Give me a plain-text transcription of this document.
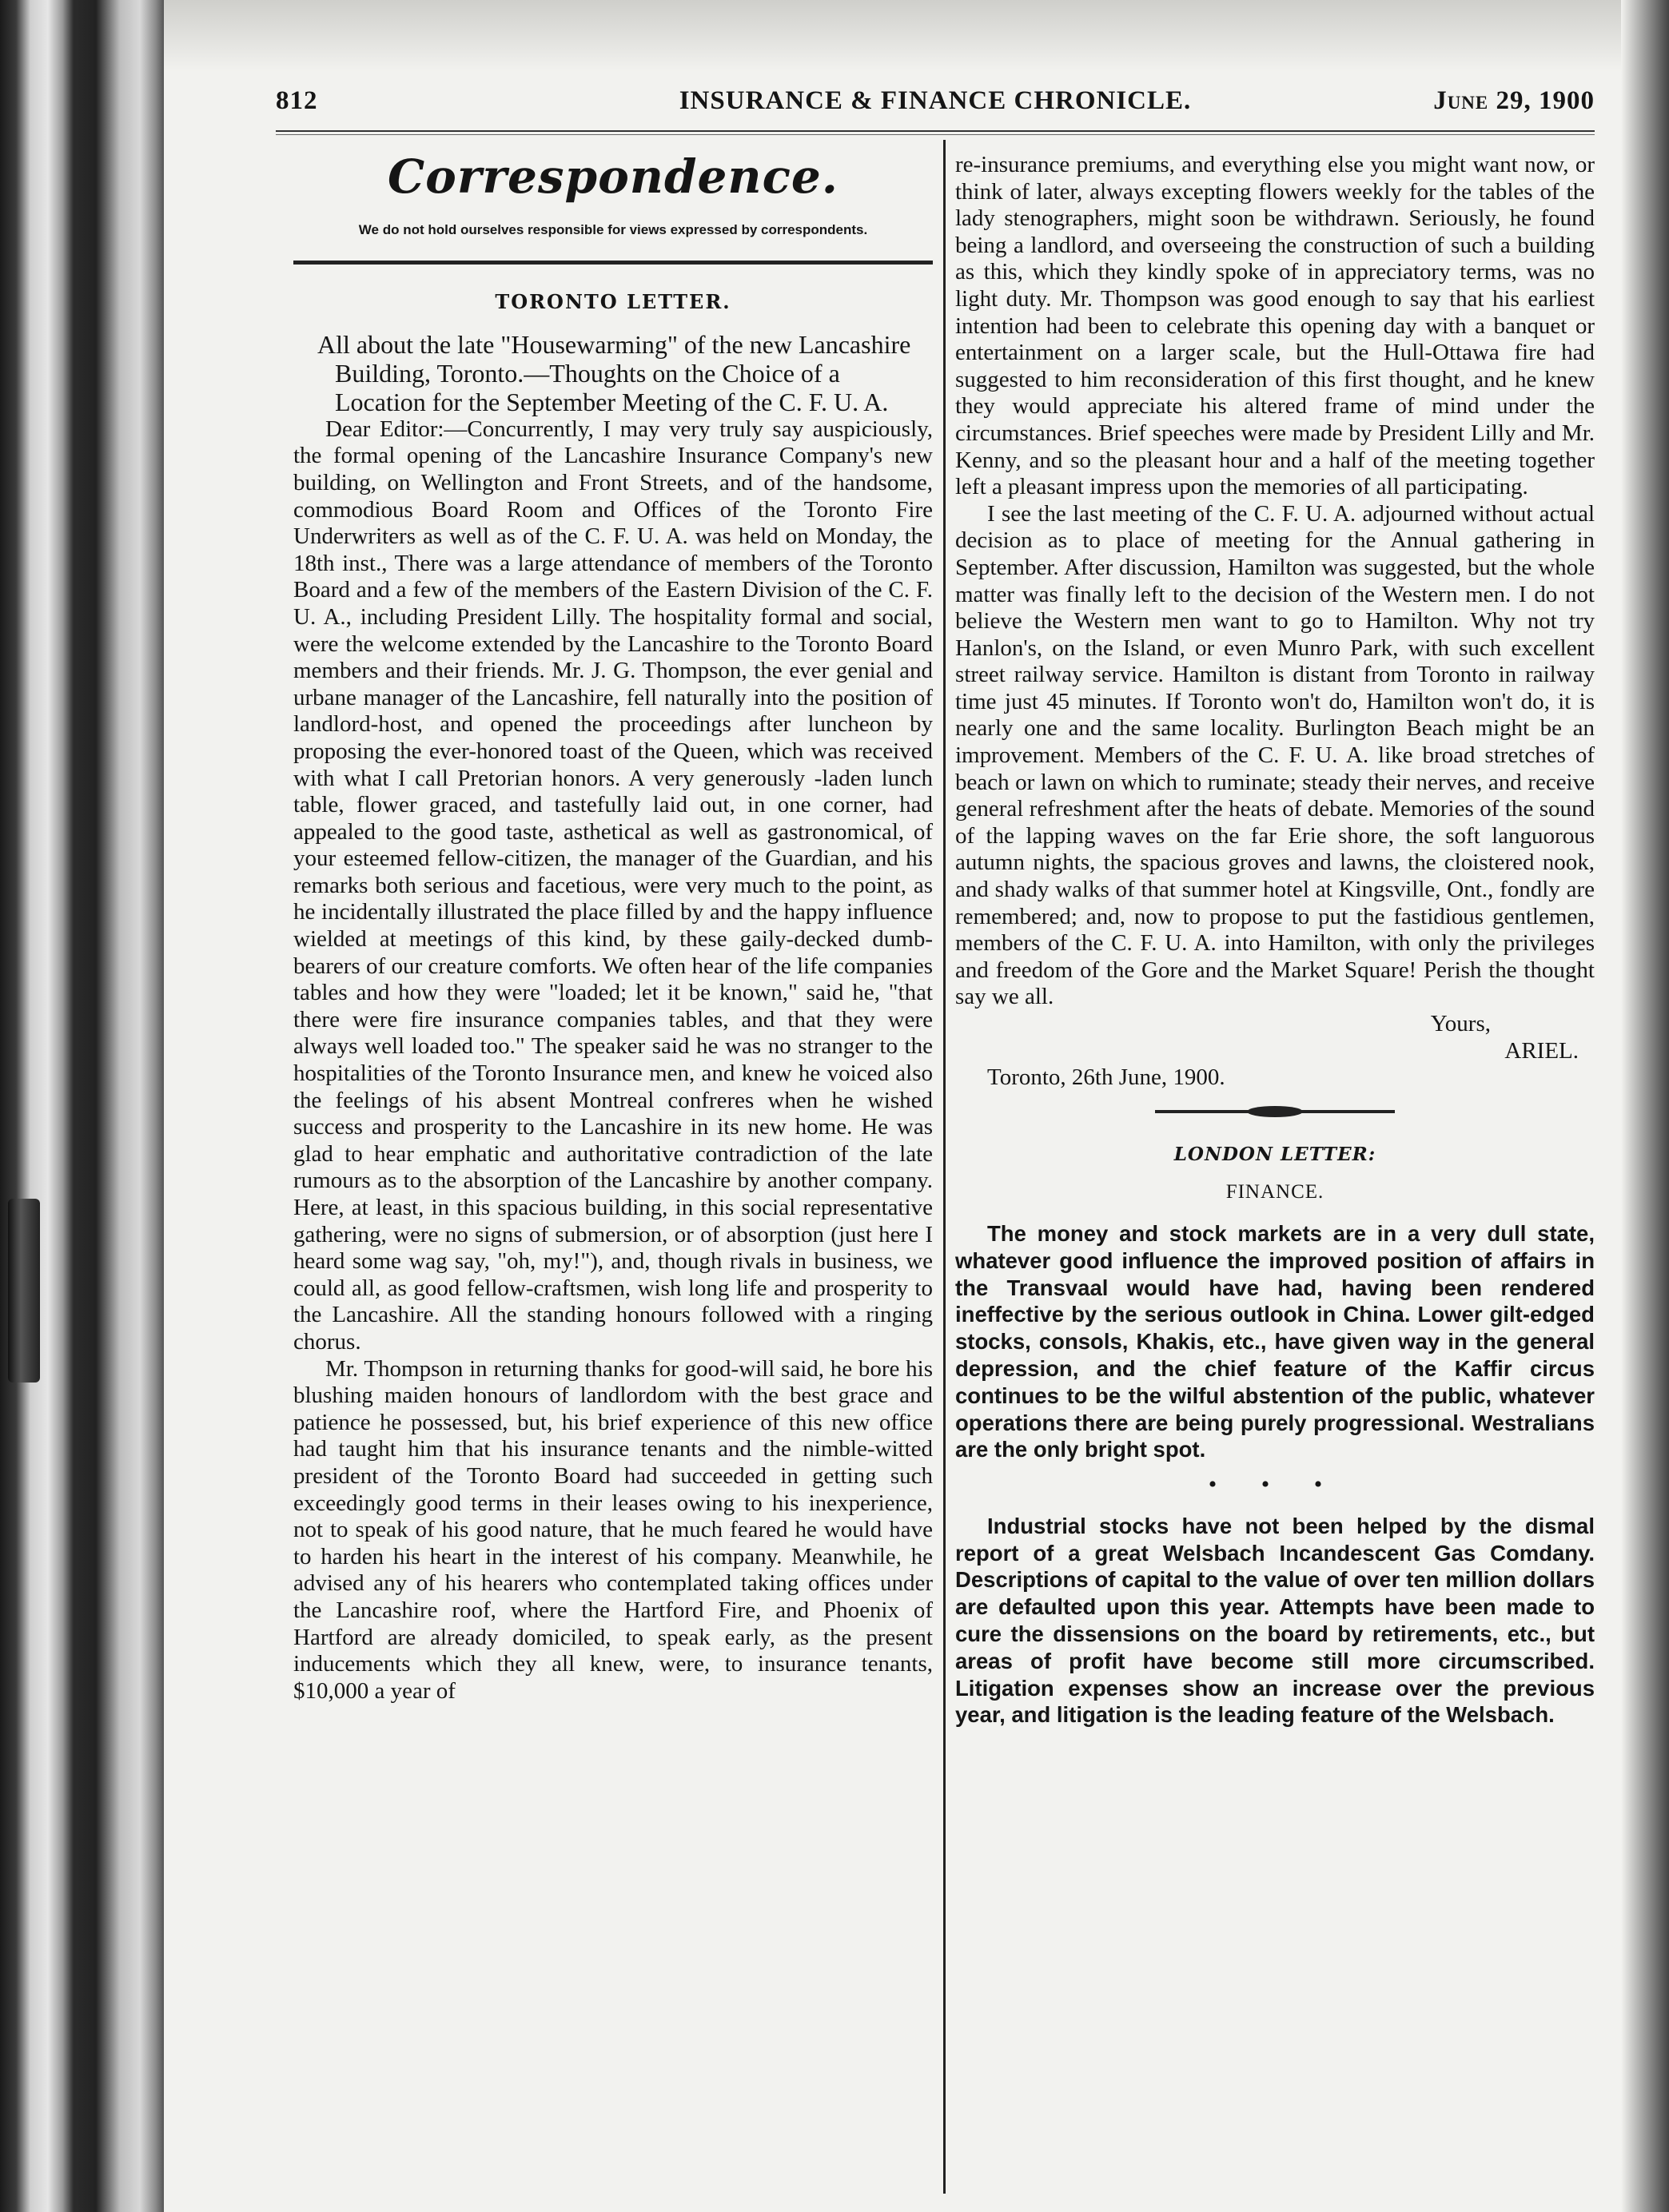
812	INSURANCE & FINANCE CHRONICLE.	June 29, 1900
Correspondence.
We do not hold ourselves responsible for views expressed by correspondents.
TORONTO LETTER.

All about the late "Housewarming" of the new Lancashire Building, Toronto.—Thoughts on the Choice of a Location for the September Meeting of the C. F. U. A.

Dear Editor:—Concurrently, I may very truly say auspiciously, the formal opening of the Lancashire Insurance Company's new building, on Wellington and Front Streets, and of the handsome, commodious Board Room and Offices of the Toronto Fire Underwriters as well as of the C. F. U. A. was held on Monday, the 18th inst., There was a large attendance of members of the Toronto Board and a few of the members of the Eastern Division of the C. F. U. A., including President Lilly. The hospitality formal and social, were the welcome extended by the Lancashire to the Toronto Board members and their friends. Mr. J. G. Thompson, the ever genial and urbane manager of the Lancashire, fell naturally into the position of landlord-host, and opened the proceedings after luncheon by proposing the ever-honored toast of the Queen, which was received with what I call Pretorian honors. A very generously -laden lunch table, flower graced, and tastefully laid out, in one corner, had appealed to the good taste, asthetical as well as gastronomical, of your esteemed fellow-citizen, the manager of the Guardian, and his remarks both serious and facetious, were very much to the point, as he incidentally illustrated the place filled by and the happy influence wielded at meetings of this kind, by these gaily-decked dumb-bearers of our creature comforts. We often hear of the life companies tables and how they were "loaded; let it be known," said he, "that there were fire insurance companies tables, and that they were always well loaded too." The speaker said he was no stranger to the hospitalities of the Toronto Insurance men, and knew he voiced also the feelings of his absent Montreal confreres when he wished success and prosperity to the Lancashire in its new home. He was glad to hear emphatic and authoritative contradiction of the late rumours as to the absorption of the Lancashire by another company. Here, at least, in this spacious building, in this social representative gathering, were no signs of submersion, or of absorption (just here I heard some wag say, "oh, my!"), and, though rivals in business, we could all, as good fellow-craftsmen, wish long life and prosperity to the Lancashire. All the standing honours followed with a ringing chorus.

Mr. Thompson in returning thanks for good-will said, he bore his blushing maiden honours of landlordom with the best grace and patience he possessed, but, his brief experience of this new office had taught him that his insurance tenants and the nimble-witted president of the Toronto Board had succeeded in getting such exceedingly good terms in their leases owing to his inexperience, not to speak of his good nature, that he much feared he would have to harden his heart in the interest of his company. Meanwhile, he advised any of his hearers who contemplated taking offices under the Lancashire roof, where the Hartford Fire, and Phoenix of Hartford are already domiciled, to speak early, as the present inducements which they all knew, were, to insurance tenants, $10,000 a year of

re-insurance premiums, and everything else you might want now, or think of later, always excepting flowers weekly for the tables of the lady stenographers, might soon be withdrawn. Seriously, he found being a landlord, and overseeing the construction of such a building as this, which they kindly spoke of in appreciatory terms, was no light duty. Mr. Thompson was good enough to say that his earliest intention had been to celebrate this opening day with a banquet or entertainment on a larger scale, but the Hull-Ottawa fire had suggested to him reconsideration of this first thought, and he knew they would appreciate his altered frame of mind under the circumstances. Brief speeches were made by President Lilly and Mr. Kenny, and so the pleasant hour and a half of the meeting together left a pleasant impress upon the memories of all participating.

I see the last meeting of the C. F. U. A. adjourned without actual decision as to place of meeting for the Annual gathering in September. After discussion, Hamilton was suggested, but the whole matter was finally left to the decision of the Western men. I do not believe the Western men want to go to Hamilton. Why not try Hanlon's, on the Island, or even Munro Park, with such excellent street railway service. Hamilton is distant from Toronto in railway time just 45 minutes. If Toronto won't do, Hamilton won't do, it is nearly one and the same locality. Burlington Beach might be an improvement. Members of the C. F. U. A. like broad stretches of beach or lawn on which to ruminate; steady their nerves, and receive general refreshment after the heats of debate. Memories of the sound of the lapping waves on the far Erie shore, the soft languorous autumn nights, the spacious groves and lawns, the cloistered nook, and shady walks of that summer hotel at Kingsville, Ont., fondly are remembered; and, now to propose to put the fastidious gentlemen, members of the C. F. U. A. into Hamilton, with only the privileges and freedom of the Gore and the Market Square! Perish the thought say we all.

Yours,

ARIEL.

Toronto, 26th June, 1900.

LONDON LETTER:
FINANCE.

The money and stock markets are in a very dull state, whatever good influence the improved position of affairs in the Transvaal would have had, having been rendered ineffective by the serious outlook in China. Lower gilt-edged stocks, consols, Khakis, etc., have given way in the general depression, and the chief feature of the Kaffir circus continues to be the wilful abstention of the public, whatever operations there are being purely progressional. Westralians are the only bright spot.

• • •

Industrial stocks have not been helped by the dismal report of a great Welsbach Incandescent Gas Comdany. Descriptions of capital to the value of over ten million dollars are defaulted upon this year. Attempts have been made to cure the dissensions on the board by retirements, etc., but areas of profit have become still more circumscribed. Litigation expenses show an increase over the previous year, and litigation is the leading feature of the Welsbach.
